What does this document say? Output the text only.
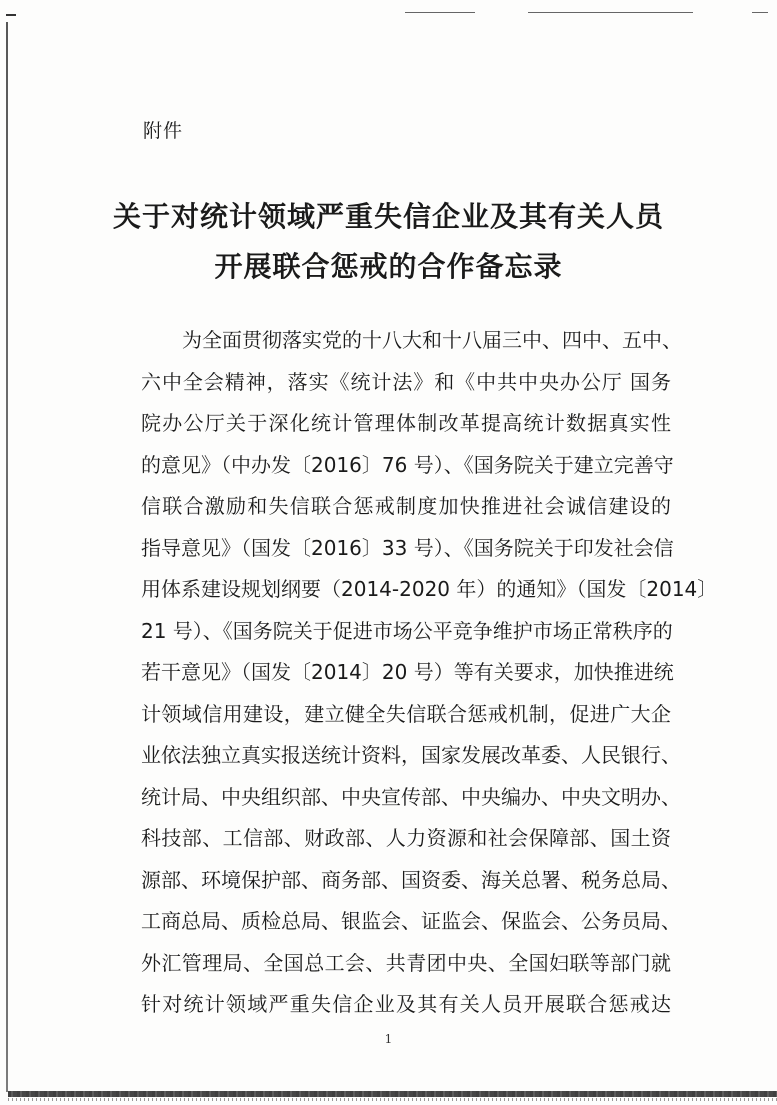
附件
关于对统计领域严重失信企业及其有关人员
开展联合惩戒的合作备忘录
为全面贯彻落实党的十八大和十八届三中、四中、五中、
六中全会精神，落实《统计法》和《中共中央办公厅 国务
院办公厅关于深化统计管理体制改革提高统计数据真实性
的意见》（中办发〔2016〕76 号）、《国务院关于建立完善守
信联合激励和失信联合惩戒制度加快推进社会诚信建设的
指导意见》（国发〔2016〕33 号）、《国务院关于印发社会信
用体系建设规划纲要（2014-2020 年）的通知》（国发〔2014〕
21 号）、《国务院关于促进市场公平竞争维护市场正常秩序的
若干意见》（国发〔2014〕20 号）等有关要求，加快推进统
计领域信用建设，建立健全失信联合惩戒机制，促进广大企
业依法独立真实报送统计资料，国家发展改革委、人民银行、
统计局、中央组织部、中央宣传部、中央编办、中央文明办、
科技部、工信部、财政部、人力资源和社会保障部、国土资
源部、环境保护部、商务部、国资委、海关总署、税务总局、
工商总局、质检总局、银监会、证监会、保监会、公务员局、
外汇管理局、全国总工会、共青团中央、全国妇联等部门就
针对统计领域严重失信企业及其有关人员开展联合惩戒达
1
